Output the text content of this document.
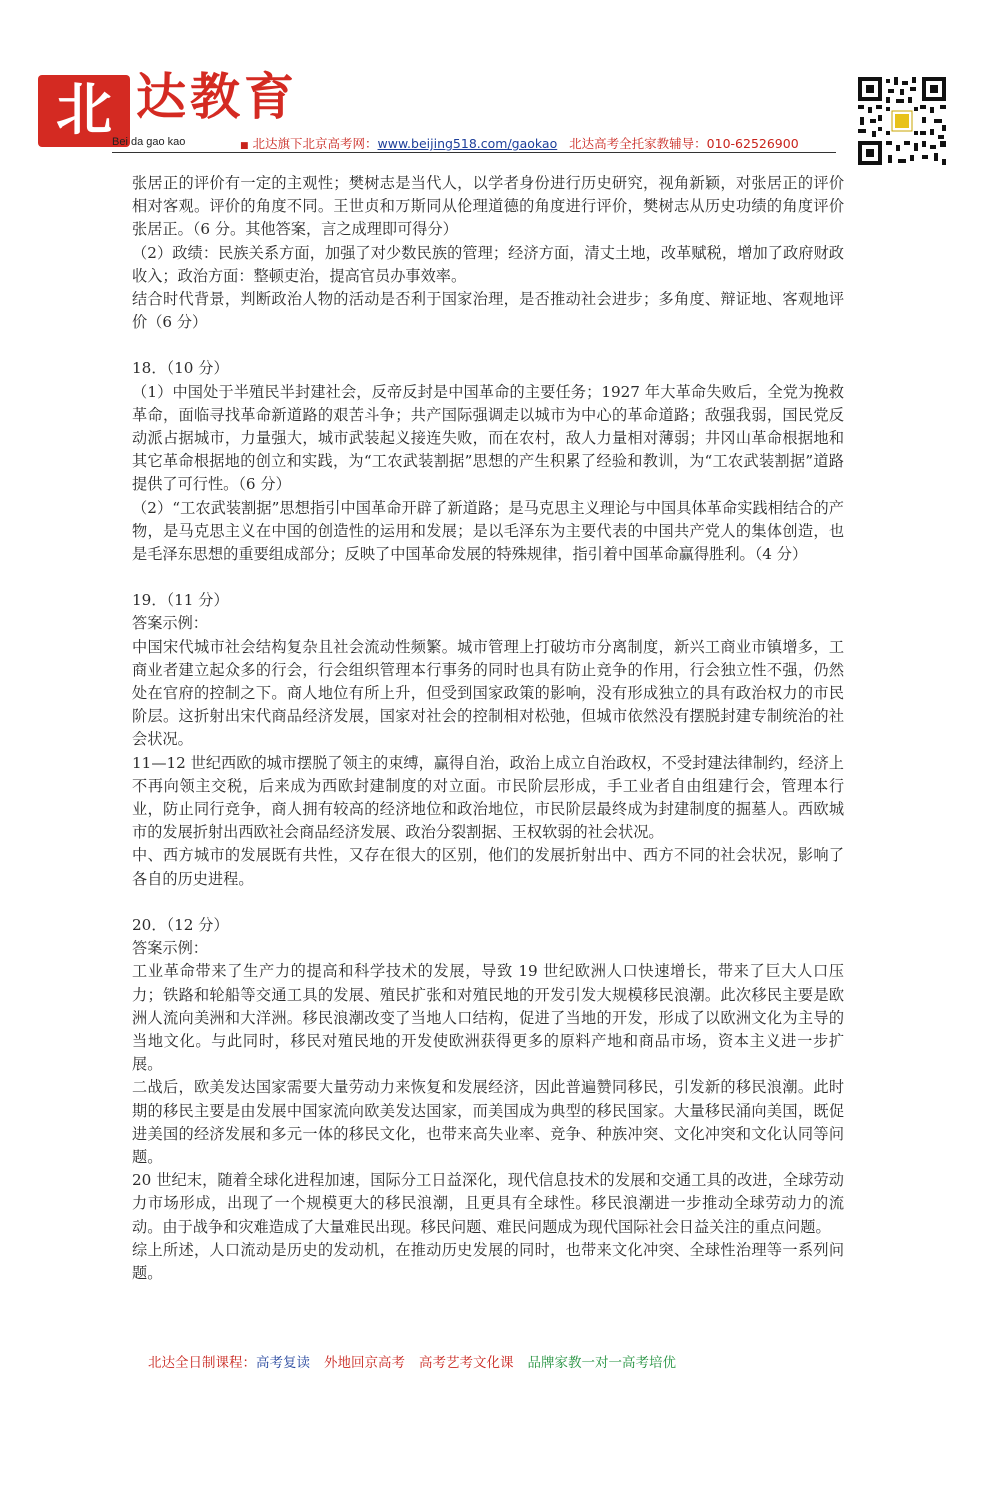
北 达教育
Bei da gao kao	■ 北达旗下北京高考网：www.beijing518.com/gaokao 北达高考全托家教辅导：010-62526900

张居正的评价有一定的主观性；樊树志是当代人，以学者身份进行历史研究，视角新颖，对张居正的评价相对客观。评价的角度不同。王世贞和万斯同从伦理道德的角度进行评价，樊树志从历史功绩的角度评价张居正。（6 分。其他答案，言之成理即可得分）

（2）政绩：民族关系方面，加强了对少数民族的管理；经济方面，清丈土地，改革赋税，增加了政府财政收入；政治方面：整顿吏治，提高官员办事效率。

结合时代背景，判断政治人物的活动是否利于国家治理，是否推动社会进步；多角度、辩证地、客观地评价（6 分）

18．（10 分）

（1）中国处于半殖民半封建社会，反帝反封是中国革命的主要任务；1927 年大革命失败后，全党为挽救革命，面临寻找革命新道路的艰苦斗争；共产国际强调走以城市为中心的革命道路；敌强我弱，国民党反动派占据城市，力量强大，城市武装起义接连失败，而在农村，敌人力量相对薄弱；井冈山革命根据地和其它革命根据地的创立和实践，为“工农武装割据”思想的产生积累了经验和教训，为“工农武装割据”道路提供了可行性。（6 分）

（2）“工农武装割据”思想指引中国革命开辟了新道路；是马克思主义理论与中国具体革命实践相结合的产物，是马克思主义在中国的创造性的运用和发展；是以毛泽东为主要代表的中国共产党人的集体创造，也是毛泽东思想的重要组成部分；反映了中国革命发展的特殊规律，指引着中国革命赢得胜利。（4 分）

19．（11 分）

答案示例：

中国宋代城市社会结构复杂且社会流动性频繁。城市管理上打破坊市分离制度，新兴工商业市镇增多，工商业者建立起众多的行会，行会组织管理本行事务的同时也具有防止竞争的作用，行会独立性不强，仍然处在官府的控制之下。商人地位有所上升，但受到国家政策的影响，没有形成独立的具有政治权力的市民阶层。这折射出宋代商品经济发展，国家对社会的控制相对松弛，但城市依然没有摆脱封建专制统治的社会状况。

11—12 世纪西欧的城市摆脱了领主的束缚，赢得自治，政治上成立自治政权，不受封建法律制约，经济上不再向领主交税，后来成为西欧封建制度的对立面。市民阶层形成，手工业者自由组建行会，管理本行业，防止同行竞争，商人拥有较高的经济地位和政治地位，市民阶层最终成为封建制度的掘墓人。西欧城市的发展折射出西欧社会商品经济发展、政治分裂割据、王权软弱的社会状况。

中、西方城市的发展既有共性，又存在很大的区别，他们的发展折射出中、西方不同的社会状况，影响了各自的历史进程。

20．（12 分）

答案示例：

工业革命带来了生产力的提高和科学技术的发展，导致 19 世纪欧洲人口快速增长，带来了巨大人口压力；铁路和轮船等交通工具的发展、殖民扩张和对殖民地的开发引发大规模移民浪潮。此次移民主要是欧洲人流向美洲和大洋洲。移民浪潮改变了当地人口结构，促进了当地的开发，形成了以欧洲文化为主导的当地文化。与此同时，移民对殖民地的开发使欧洲获得更多的原料产地和商品市场，资本主义进一步扩展。

二战后，欧美发达国家需要大量劳动力来恢复和发展经济，因此普遍赞同移民，引发新的移民浪潮。此时期的移民主要是由发展中国家流向欧美发达国家，而美国成为典型的移民国家。大量移民涌向美国，既促进美国的经济发展和多元一体的移民文化，也带来高失业率、竞争、种族冲突、文化冲突和文化认同等问题。

20 世纪末，随着全球化进程加速，国际分工日益深化，现代信息技术的发展和交通工具的改进，全球劳动力市场形成，出现了一个规模更大的移民浪潮，且更具有全球性。移民浪潮进一步推动全球劳动力的流动。由于战争和灾难造成了大量难民出现。移民问题、难民问题成为现代国际社会日益关注的重点问题。

综上所述，人口流动是历史的发动机，在推动历史发展的同时，也带来文化冲突、全球性治理等一系列问题。

北达全日制课程：高考复读 外地回京高考 高考艺考文化课 品牌家教一对一高考培优
